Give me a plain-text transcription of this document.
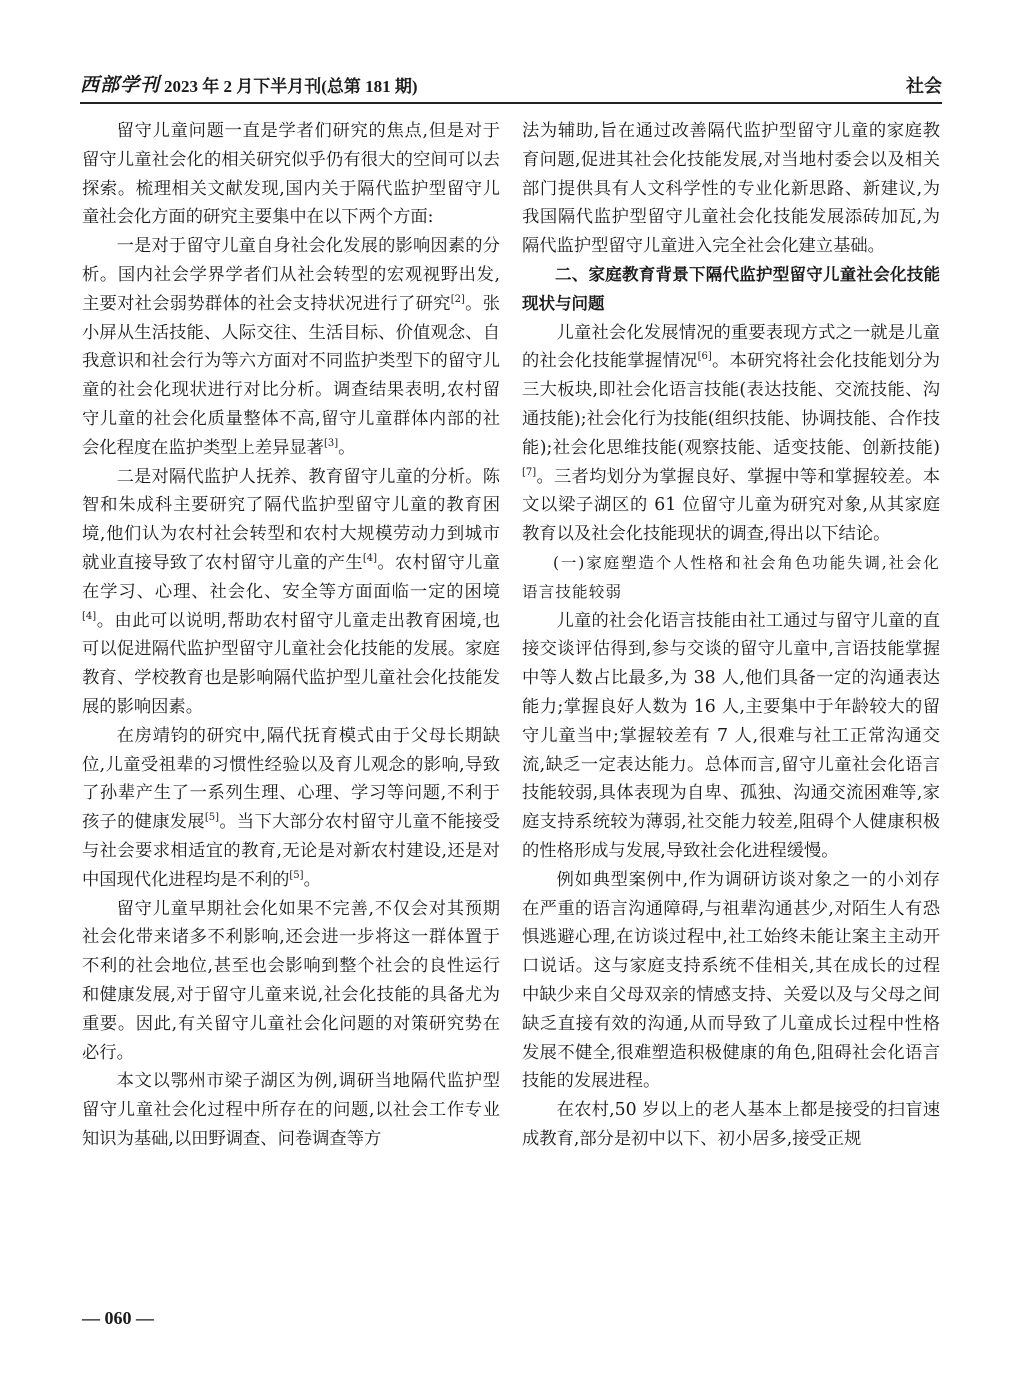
西部学刊 2023 年 2 月下半月刊(总第 181 期)	社会

留守儿童问题一直是学者们研究的焦点,但是对于留守儿童社会化的相关研究似乎仍有很大的空间可以去探索。梳理相关文献发现,国内关于隔代监护型留守儿童社会化方面的研究主要集中在以下两个方面:

一是对于留守儿童自身社会化发展的影响因素的分析。国内社会学界学者们从社会转型的宏观视野出发,主要对社会弱势群体的社会支持状况进行了研究[2]。张小屏从生活技能、人际交往、生活目标、价值观念、自我意识和社会行为等六方面对不同监护类型下的留守儿童的社会化现状进行对比分析。调查结果表明,农村留守儿童的社会化质量整体不高,留守儿童群体内部的社会化程度在监护类型上差异显著[3]。

二是对隔代监护人抚养、教育留守儿童的分析。陈智和朱成科主要研究了隔代监护型留守儿童的教育困境,他们认为农村社会转型和农村大规模劳动力到城市就业直接导致了农村留守儿童的产生[4]。农村留守儿童在学习、心理、社会化、安全等方面面临一定的困境[4]。由此可以说明,帮助农村留守儿童走出教育困境,也可以促进隔代监护型留守儿童社会化技能的发展。家庭教育、学校教育也是影响隔代监护型儿童社会化技能发展的影响因素。

在房靖钧的研究中,隔代抚育模式由于父母长期缺位,儿童受祖辈的习惯性经验以及育儿观念的影响,导致了孙辈产生了一系列生理、心理、学习等问题,不利于孩子的健康发展[5]。当下大部分农村留守儿童不能接受与社会要求相适宜的教育,无论是对新农村建设,还是对中国现代化进程均是不利的[5]。

留守儿童早期社会化如果不完善,不仅会对其预期社会化带来诸多不利影响,还会进一步将这一群体置于不利的社会地位,甚至也会影响到整个社会的良性运行和健康发展,对于留守儿童来说,社会化技能的具备尤为重要。因此,有关留守儿童社会化问题的对策研究势在必行。

本文以鄂州市梁子湖区为例,调研当地隔代监护型留守儿童社会化过程中所存在的问题,以社会工作专业知识为基础,以田野调查、问卷调查等方

法为辅助,旨在通过改善隔代监护型留守儿童的家庭教育问题,促进其社会化技能发展,对当地村委会以及相关部门提供具有人文科学性的专业化新思路、新建议,为我国隔代监护型留守儿童社会化技能发展添砖加瓦,为隔代监护型留守儿童进入完全社会化建立基础。

二、家庭教育背景下隔代监护型留守儿童社会化技能现状与问题

儿童社会化发展情况的重要表现方式之一就是儿童的社会化技能掌握情况[6]。本研究将社会化技能划分为三大板块,即社会化语言技能(表达技能、交流技能、沟通技能);社会化行为技能(组织技能、协调技能、合作技能);社会化思维技能(观察技能、适变技能、创新技能)[7]。三者均划分为掌握良好、掌握中等和掌握较差。本文以梁子湖区的 61 位留守儿童为研究对象,从其家庭教育以及社会化技能现状的调查,得出以下结论。

(一)家庭塑造个人性格和社会角色功能失调,社会化语言技能较弱

儿童的社会化语言技能由社工通过与留守儿童的直接交谈评估得到,参与交谈的留守儿童中,言语技能掌握中等人数占比最多,为 38 人,他们具备一定的沟通表达能力;掌握良好人数为 16 人,主要集中于年龄较大的留守儿童当中;掌握较差有 7 人,很难与社工正常沟通交流,缺乏一定表达能力。总体而言,留守儿童社会化语言技能较弱,具体表现为自卑、孤独、沟通交流困难等,家庭支持系统较为薄弱,社交能力较差,阻碍个人健康积极的性格形成与发展,导致社会化进程缓慢。

例如典型案例中,作为调研访谈对象之一的小刘存在严重的语言沟通障碍,与祖辈沟通甚少,对陌生人有恐惧逃避心理,在访谈过程中,社工始终未能让案主主动开口说话。这与家庭支持系统不佳相关,其在成长的过程中缺少来自父母双亲的情感支持、关爱以及与父母之间缺乏直接有效的沟通,从而导致了儿童成长过程中性格发展不健全,很难塑造积极健康的角色,阻碍社会化语言技能的发展进程。

在农村,50 岁以上的老人基本上都是接受的扫盲速成教育,部分是初中以下、初小居多,接受正规

— 060 —
